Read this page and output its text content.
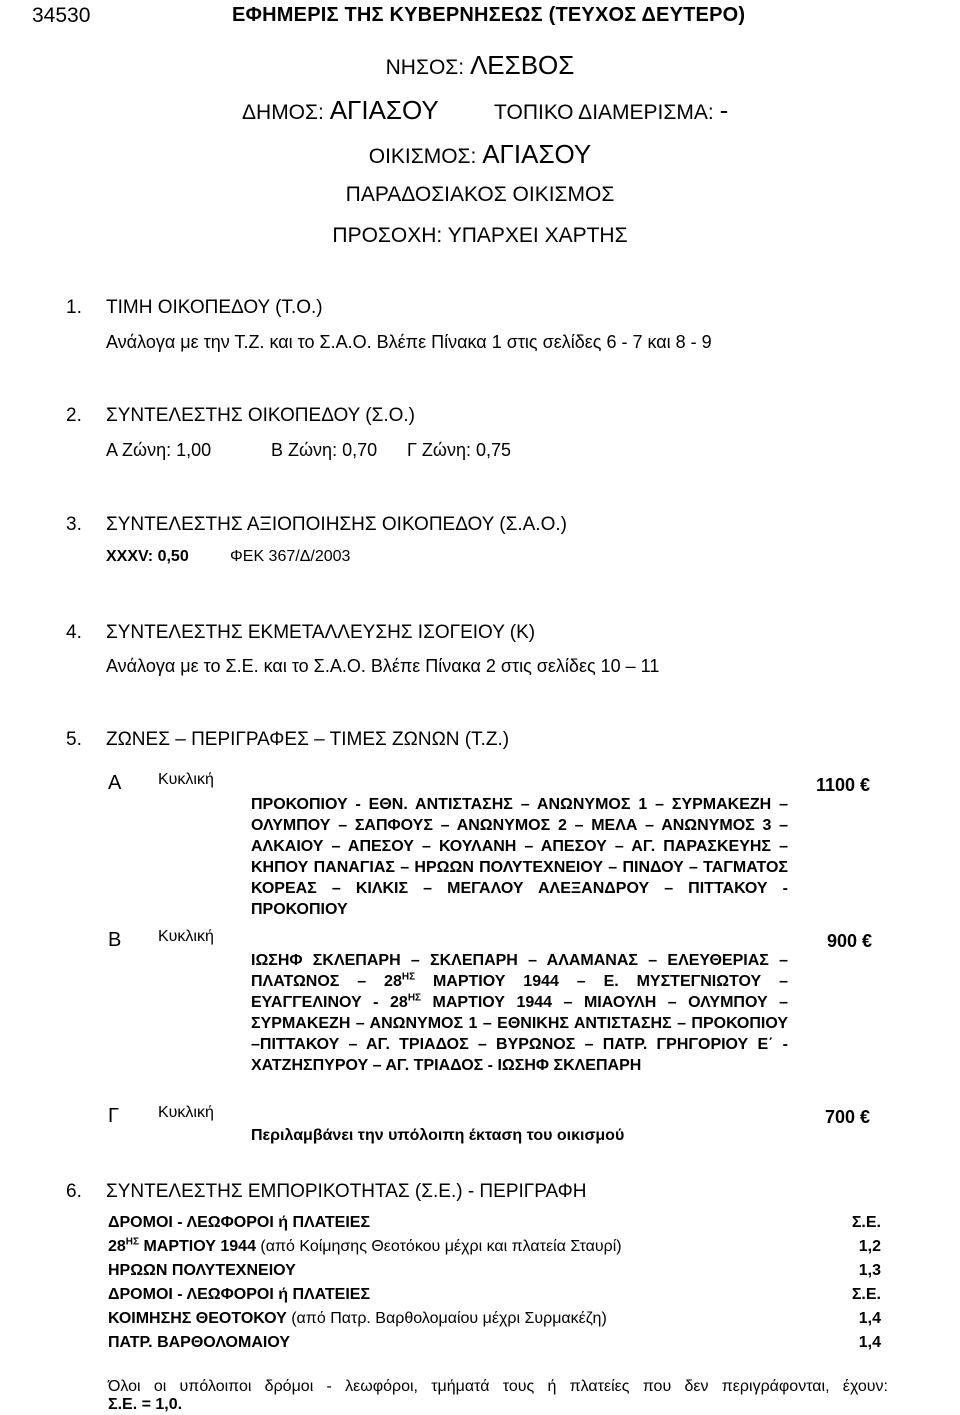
34530	ΕΦΗΜΕΡΙΣ ΤΗΣ ΚΥΒΕΡΝΗΣΕΩΣ (ΤΕΥΧΟΣ ΔΕΥΤΕΡΟ)
ΝΗΣΟΣ: ΛΕΣΒΟΣ
ΔΗΜΟΣ: ΑΓΙΑΣΟΥ	ΤΟΠΙΚΟ ΔΙΑΜΕΡΙΣΜΑ: -
ΟΙΚΙΣΜΟΣ: ΑΓΙΑΣΟΥ
ΠΑΡΑΔΟΣΙΑΚΟΣ ΟΙΚΙΣΜΟΣ
ΠΡΟΣΟΧΗ: ΥΠΑΡΧΕΙ ΧΑΡΤΗΣ
1. ΤΙΜΗ ΟΙΚΟΠΕΔΟΥ (Τ.Ο.)
Ανάλογα με την Τ.Ζ. και το Σ.Α.Ο. Βλέπε Πίνακα 1 στις σελίδες 6 - 7 και 8 - 9
2. ΣΥΝΤΕΛΕΣΤΗΣ ΟΙΚΟΠΕΔΟΥ (Σ.Ο.)
Α Ζώνη: 1,00	Β Ζώνη: 0,70 Γ Ζώνη: 0,75
3. ΣΥΝΤΕΛΕΣΤΗΣ ΑΞΙΟΠΟΙΗΣΗΣ ΟΙΚΟΠΕΔΟΥ (Σ.Α.Ο.)
XXXV: 0,50	ΦΕΚ 367/Δ/2003
4. ΣΥΝΤΕΛΕΣΤΗΣ ΕΚΜΕΤΑΛΛΕΥΣΗΣ ΙΣΟΓΕΙΟΥ (Κ)
Ανάλογα με το Σ.Ε. και το Σ.Α.Ο. Βλέπε Πίνακα 2 στις σελίδες 10 – 11
5. ΖΩΝΕΣ – ΠΕΡΙΓΡΑΦΕΣ – ΤΙΜΕΣ ΖΩΝΩΝ (Τ.Ζ.)
Α Κυκλική	1100 €
ΠΡΟΚΟΠΙΟΥ - ΕΘΝ. ΑΝΤΙΣΤΑΣΗΣ – ΑΝΩΝΥΜΟΣ 1 – ΣΥΡΜΑΚΕΖΗ – ΟΛΥΜΠΟΥ – ΣΑΠΦΟΥΣ – ΑΝΩΝΥΜΟΣ 2 – ΜΕΛΑ – ΑΝΩΝΥΜΟΣ 3 – ΑΛΚΑΙΟΥ – ΑΠΕΣΟΥ – ΚΟΥΛΑΝΗ – ΑΠΕΣΟΥ – ΑΓ. ΠΑΡΑΣΚΕΥΗΣ – ΚΗΠΟΥ ΠΑΝΑΓΙΑΣ – ΗΡΩΩΝ ΠΟΛΥΤΕΧΝΕΙΟΥ – ΠΙΝΔΟΥ – ΤΑΓΜΑΤΟΣ ΚΟΡΕΑΣ – ΚΙΛΚΙΣ – ΜΕΓΑΛΟΥ ΑΛΕΞΑΝΔΡΟΥ – ΠΙΤΤΑΚΟΥ - ΠΡΟΚΟΠΙΟΥ
Β Κυκλική	900 €
ΙΩΣΗΦ ΣΚΛΕΠΑΡΗ – ΣΚΛΕΠΑΡΗ – ΑΛΑΜΑΝΑΣ – ΕΛΕΥΘΕΡΙΑΣ – ΠΛΑΤΩΝΟΣ – $28^{H\Sigma}$ ΜΑΡΤΙΟΥ 1944 – Ε. ΜΥΣΤΕΓΝΙΩΤΟΥ – ΕΥΑΓΓΕΛΙΝΟΥ - $28^{H\Sigma}$ ΜΑΡΤΙΟΥ 1944 – ΜΙΑΟΥΛΗ – ΟΛΥΜΠΟΥ – ΣΥΡΜΑΚΕΖΗ – ΑΝΩΝΥΜΟΣ 1 – ΕΘΝΙΚΗΣ ΑΝΤΙΣΤΑΣΗΣ – ΠΡΟΚΟΠΙΟΥ –ΠΙΤΤΑΚΟΥ – ΑΓ. ΤΡΙΑΔΟΣ – ΒΥΡΩΝΟΣ – ΠΑΤΡ. ΓΡΗΓΟΡΙΟΥ Ε΄ - ΧΑΤΖΗΣΠΥΡΟΥ – ΑΓ. ΤΡΙΑΔΟΣ - ΙΩΣΗΦ ΣΚΛΕΠΑΡΗ
Γ Κυκλική	700 €
Περιλαμβάνει την υπόλοιπη έκταση του οικισμού
6. ΣΥΝΤΕΛΕΣΤΗΣ ΕΜΠΟΡΙΚΟΤΗΤΑΣ (Σ.Ε.) - ΠΕΡΙΓΡΑΦΗ
ΔΡΟΜΟΙ - ΛΕΩΦΟΡΟΙ ή ΠΛΑΤΕΙΕΣ	Σ.Ε.
$28^{H\Sigma}$ ΜΑΡΤΙΟΥ 1944 (από Κοίμησης Θεοτόκου μέχρι και πλατεία Σταυρί)	1,2
ΗΡΩΩΝ ΠΟΛΥΤΕΧΝΕΙΟΥ	1,3
ΔΡΟΜΟΙ - ΛΕΩΦΟΡΟΙ ή ΠΛΑΤΕΙΕΣ	Σ.Ε.
ΚΟΙΜΗΣΗΣ ΘΕΟΤΟΚΟΥ (από Πατρ. Βαρθολομαίου μέχρι Συρμακέζη)	1,4
ΠΑΤΡ. ΒΑΡΘΟΛΟΜΑΙΟΥ	1,4
Όλοι οι υπόλοιποι δρόμοι - λεωφόροι, τμήματά τους ή πλατείες που δεν περιγράφονται, έχουν:
Σ.Ε. = 1,0.
